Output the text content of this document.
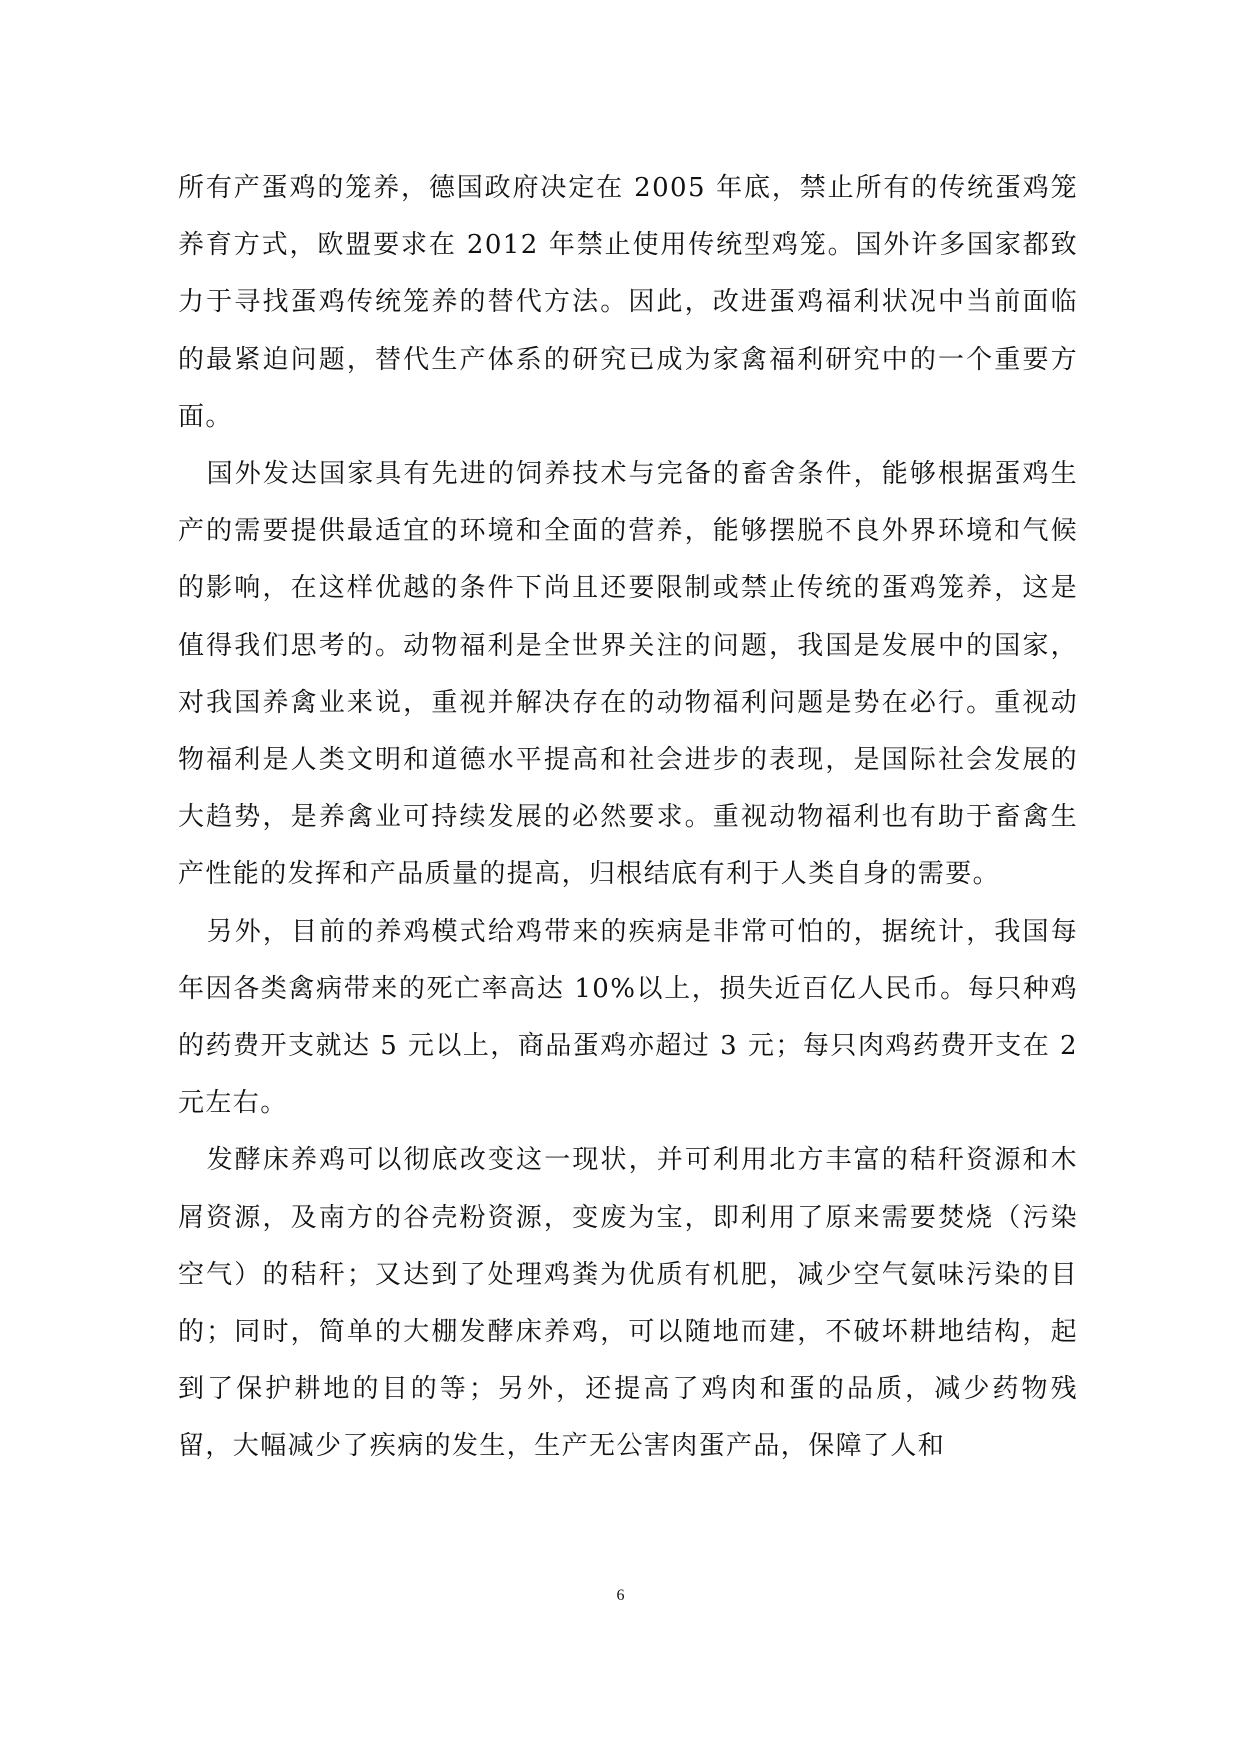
所有产蛋鸡的笼养，德国政府决定在 2005 年底，禁止所有的传统蛋鸡笼养育方式，欧盟要求在 2012 年禁止使用传统型鸡笼。国外许多国家都致力于寻找蛋鸡传统笼养的替代方法。因此，改进蛋鸡福利状况中当前面临的最紧迫问题，替代生产体系的研究已成为家禽福利研究中的一个重要方面。

国外发达国家具有先进的饲养技术与完备的畜舍条件，能够根据蛋鸡生产的需要提供最适宜的环境和全面的营养，能够摆脱不良外界环境和气候的影响，在这样优越的条件下尚且还要限制或禁止传统的蛋鸡笼养，这是值得我们思考的。动物福利是全世界关注的问题，我国是发展中的国家，对我国养禽业来说，重视并解决存在的动物福利问题是势在必行。重视动物福利是人类文明和道德水平提高和社会进步的表现，是国际社会发展的大趋势，是养禽业可持续发展的必然要求。重视动物福利也有助于畜禽生产性能的发挥和产品质量的提高，归根结底有利于人类自身的需要。

另外，目前的养鸡模式给鸡带来的疾病是非常可怕的，据统计，我国每年因各类禽病带来的死亡率高达 10%以上，损失近百亿人民币。每只种鸡的药费开支就达 5 元以上，商品蛋鸡亦超过 3 元；每只肉鸡药费开支在 2 元左右。

发酵床养鸡可以彻底改变这一现状，并可利用北方丰富的秸秆资源和木屑资源，及南方的谷壳粉资源，变废为宝，即利用了原来需要焚烧（污染空气）的秸秆；又达到了处理鸡粪为优质有机肥，减少空气氨味污染的目的；同时，简单的大棚发酵床养鸡，可以随地而建，不破坏耕地结构，起到了保护耕地的目的等；另外，还提高了鸡肉和蛋的品质，减少药物残留，大幅减少了疾病的发生，生产无公害肉蛋产品，保障了人和

6
